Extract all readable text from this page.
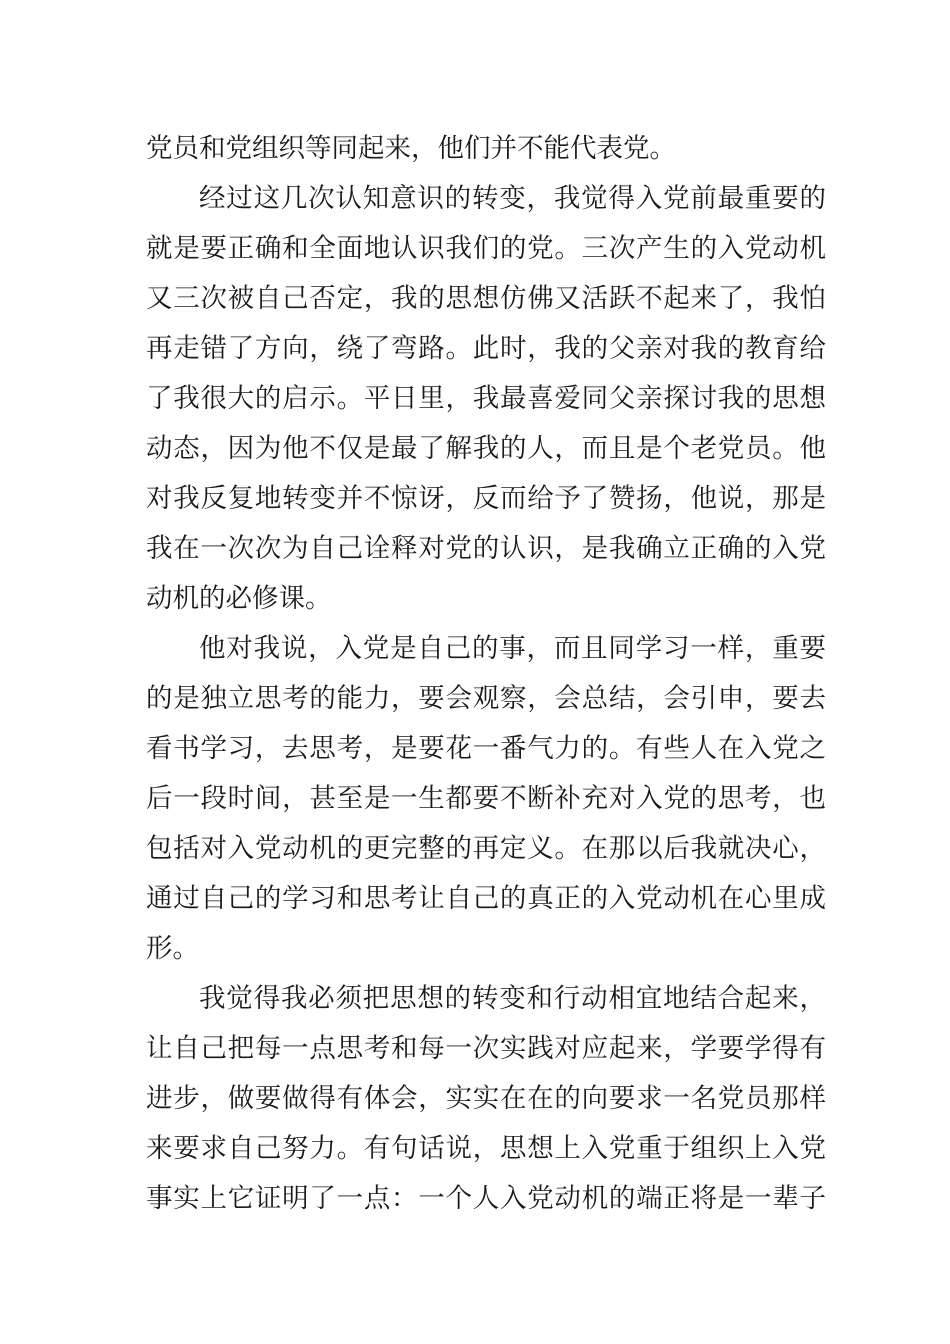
党员和党组织等同起来，他们并不能代表党。
经过这几次认知意识的转变，我觉得入党前最重要的
就是要正确和全面地认识我们的党。三次产生的入党动机
又三次被自己否定，我的思想仿佛又活跃不起来了，我怕
再走错了方向，绕了弯路。此时，我的父亲对我的教育给
了我很大的启示。平日里，我最喜爱同父亲探讨我的思想
动态，因为他不仅是最了解我的人，而且是个老党员。他
对我反复地转变并不惊讶，反而给予了赞扬，他说，那是
我在一次次为自己诠释对党的认识，是我确立正确的入党
动机的必修课。
他对我说，入党是自己的事，而且同学习一样，重要
的是独立思考的能力，要会观察，会总结，会引申，要去
看书学习，去思考，是要花一番气力的。有些人在入党之
后一段时间，甚至是一生都要不断补充对入党的思考，也
包括对入党动机的更完整的再定义。在那以后我就决心，
通过自己的学习和思考让自己的真正的入党动机在心里成
形。
我觉得我必须把思想的转变和行动相宜地结合起来，
让自己把每一点思考和每一次实践对应起来，学要学得有
进步，做要做得有体会，实实在在的向要求一名党员那样
来要求自己努力。有句话说，思想上入党重于组织上入党
事实上它证明了一点：一个人入党动机的端正将是一辈子
